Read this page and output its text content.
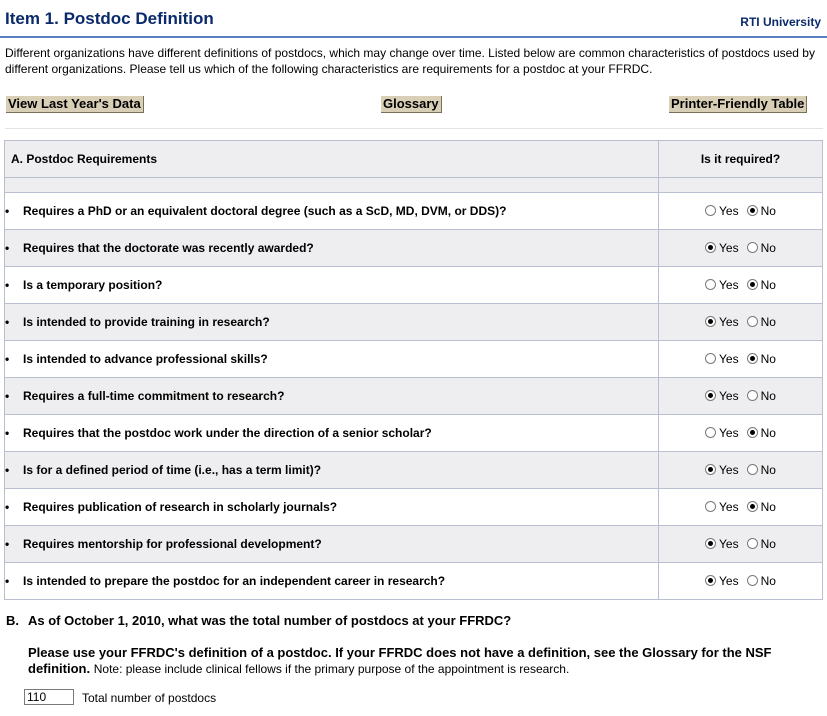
Item 1. Postdoc Definition	RTI University
Different organizations have different definitions of postdocs, which may change over time. Listed below are common characteristics of postdocs used by different organizations. Please tell us which of the following characteristics are requirements for a postdoc at your FFRDC.
View Last Year's Data	Glossary	Printer-Friendly Table
A. Postdoc Requirements	Is it required?

• Requires a PhD or an equivalent doctoral degree (such as a ScD, MD, DVM, or DDS)?	Yes No
• Requires that the doctorate was recently awarded?	Yes No
• Is a temporary position?	Yes No
• Is intended to provide training in research?	Yes No
• Is intended to advance professional skills?	Yes No
• Requires a full-time commitment to research?	Yes No
• Requires that the postdoc work under the direction of a senior scholar?	Yes No
• Is for a defined period of time (i.e., has a term limit)?	Yes No
• Requires publication of research in scholarly journals?	Yes No
• Requires mentorship for professional development?	Yes No
• Is intended to prepare the postdoc for an independent career in research?	Yes No
B. As of October 1, 2010, what was the total number of postdocs at your FFRDC?
Please use your FFRDC's definition of a postdoc. If your FFRDC does not have a definition, see the Glossary for the NSF definition. Note: please include clinical fellows if the primary purpose of the appointment is research.
110
Total number of postdocs
